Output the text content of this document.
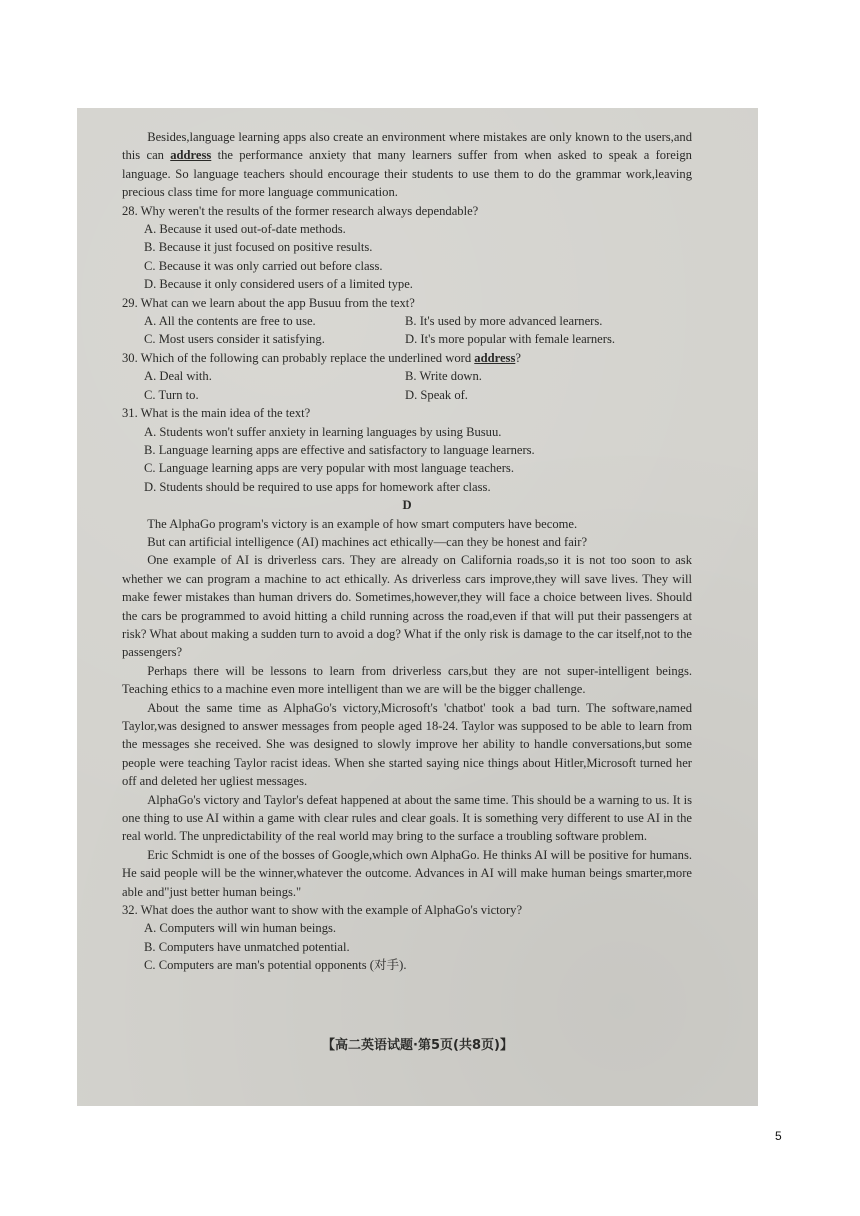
Besides,language learning apps also create an environment where mistakes are only known to the users,and this can address the performance anxiety that many learners suffer from when asked to speak a foreign language. So language teachers should encourage their students to use them to do the grammar work,leaving precious class time for more language communication.

28. Why weren't the results of the former research always dependable?

A. Because it used out-of-date methods.

B. Because it just focused on positive results.

C. Because it was only carried out before class.

D. Because it only considered users of a limited type.

29. What can we learn about the app Busuu from the text?

A. All the contents are free to use.	B. It's used by more advanced learners.
C. Most users consider it satisfying.	D. It's more popular with female learners.

30. Which of the following can probably replace the underlined word address?

A. Deal with.	B. Write down.
C. Turn to.	D. Speak of.

31. What is the main idea of the text?

A. Students won't suffer anxiety in learning languages by using Busuu.

B. Language learning apps are effective and satisfactory to language learners.

C. Language learning apps are very popular with most language teachers.

D. Students should be required to use apps for homework after class.

D

The AlphaGo program's victory is an example of how smart computers have become.

But can artificial intelligence (AI) machines act ethically—can they be honest and fair?

One example of AI is driverless cars. They are already on California roads,so it is not too soon to ask whether we can program a machine to act ethically. As driverless cars improve,they will save lives. They will make fewer mistakes than human drivers do. Sometimes,however,they will face a choice between lives. Should the cars be programmed to avoid hitting a child running across the road,even if that will put their passengers at risk? What about making a sudden turn to avoid a dog? What if the only risk is damage to the car itself,not to the passengers?

Perhaps there will be lessons to learn from driverless cars,but they are not super-intelligent beings. Teaching ethics to a machine even more intelligent than we are will be the bigger challenge.

About the same time as AlphaGo's victory,Microsoft's 'chatbot' took a bad turn. The software,named Taylor,was designed to answer messages from people aged 18-24. Taylor was supposed to be able to learn from the messages she received. She was designed to slowly improve her ability to handle conversations,but some people were teaching Taylor racist ideas. When she started saying nice things about Hitler,Microsoft turned her off and deleted her ugliest messages.

AlphaGo's victory and Taylor's defeat happened at about the same time. This should be a warning to us. It is one thing to use AI within a game with clear rules and clear goals. It is something very different to use AI in the real world. The unpredictability of the real world may bring to the surface a troubling software problem.

Eric Schmidt is one of the bosses of Google,which own AlphaGo. He thinks AI will be positive for humans. He said people will be the winner,whatever the outcome. Advances in AI will make human beings smarter,more able and"just better human beings."

32. What does the author want to show with the example of AlphaGo's victory?

A. Computers will win human beings.

B. Computers have unmatched potential.

C. Computers are man's potential opponents (对手).

【高二英语试题·第5页(共8页)】
5
